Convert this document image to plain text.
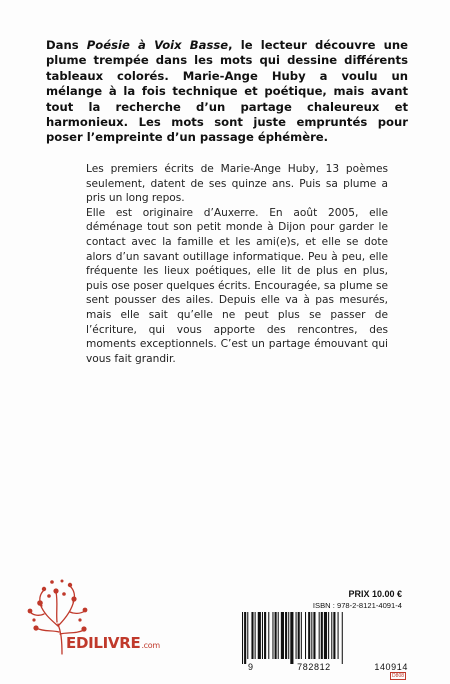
Dans Poésie à Voix Basse, le lecteur découvre une plume trempée dans les mots qui dessine différents tableaux colorés. Marie-Ange Huby a voulu un mélange à la fois technique et poétique, mais avant tout la recherche d’un partage chaleureux et harmonieux. Les mots sont juste empruntés pour poser l’empreinte d’un passage éphémère.

Les premiers écrits de Marie-Ange Huby, 13 poèmes seulement, datent de ses quinze ans. Puis sa plume a pris un long repos.

Elle est originaire d’Auxerre. En août 2005, elle déménage tout son petit monde à Dijon pour garder le contact avec la famille et les ami(e)s, et elle se dote alors d’un savant outillage informatique. Peu à peu, elle fréquente les lieux poétiques, elle lit de plus en plus, puis ose poser quelques écrits. Encouragée, sa plume se sent pousser des ailes. Depuis elle va à pas mesurés, mais elle sait qu’elle ne peut plus se passer de l’écriture, qui vous apporte des rencontres, des moments exceptionnels. C’est un partage émouvant qui vous fait grandir.

EDILIVRE.com
PRIX 10.00 €
ISBN : 978-2-8121-4091-4
9	782812	140914
D808
